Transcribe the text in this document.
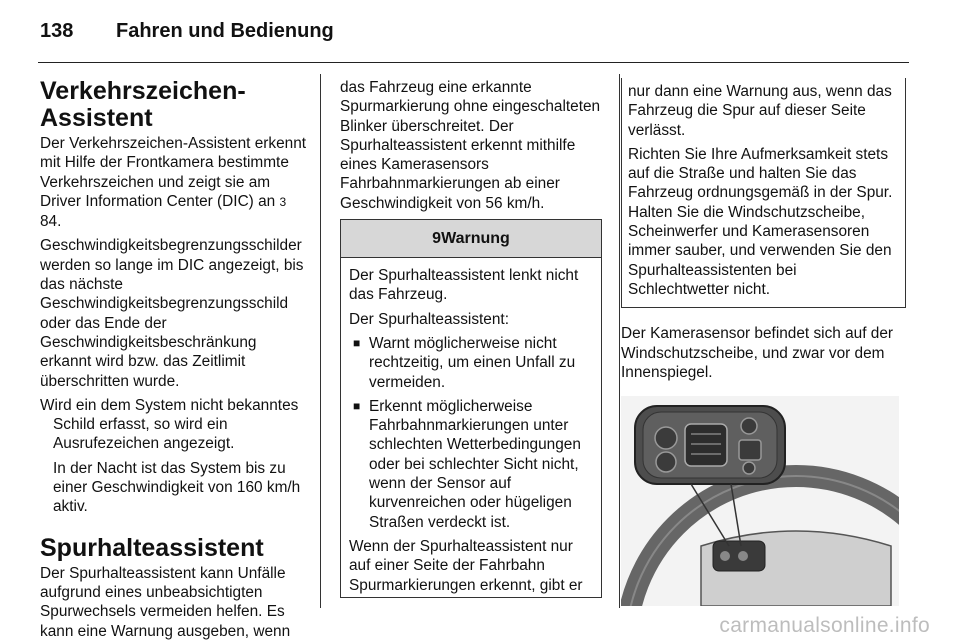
138 Fahren und Bedienung
Verkehrszeichen-
Assistent

Der Verkehrszeichen-Assistent erkennt mit Hilfe der Frontkamera bestimmte Verkehrszeichen und zeigt sie am Driver Information Center (DIC) an 3 84.

Geschwindigkeitsbegrenzungsschilder werden so lange im DIC angezeigt, bis das nächste Geschwindigkeitsbegrenzungsschild oder das Ende der Geschwindigkeitsbeschränkung erkannt wird bzw. das Zeitlimit überschritten wurde.

Wird ein dem System nicht bekanntes Schild erfasst, so wird ein Ausrufezeichen angezeigt.

In der Nacht ist das System bis zu einer Geschwindigkeit von 160 km/h aktiv.

Spurhalteassistent

Der Spurhalteassistent kann Unfälle aufgrund eines unbeabsichtigten Spurwechsels vermeiden helfen. Es kann eine Warnung ausgeben, wenn

das Fahrzeug eine erkannte Spurmarkierung ohne eingeschalteten Blinker überschreitet. Der Spurhalteassistent erkennt mithilfe eines Kamerasensors Fahrbahnmarkierungen ab einer Geschwindigkeit von 56 km/h.

9Warnung

Der Spurhalteassistent lenkt nicht das Fahrzeug.

Der Spurhalteassistent:

■ Warnt möglicherweise nicht rechtzeitig, um einen Unfall zu vermeiden.
■ Erkennt möglicherweise Fahrbahnmarkierungen unter schlechten Wetterbedingungen oder bei schlechter Sicht nicht, wenn der Sensor auf kurvenreichen oder hügeligen Straßen verdeckt ist.

Wenn der Spurhalteassistent nur auf einer Seite der Fahrbahn Spurmarkierungen erkennt, gibt er

nur dann eine Warnung aus, wenn das Fahrzeug die Spur auf dieser Seite verlässt.

Richten Sie Ihre Aufmerksamkeit stets auf die Straße und halten Sie das Fahrzeug ordnungsgemäß in der Spur. Halten Sie die Windschutzscheibe, Scheinwerfer und Kamerasensoren immer sauber, und verwenden Sie den Spurhalteassistenten bei Schlechtwetter nicht.

Der Kamerasensor befindet sich auf der Windschutzscheibe, und zwar vor dem Innenspiegel.

carmanualsonline.info
